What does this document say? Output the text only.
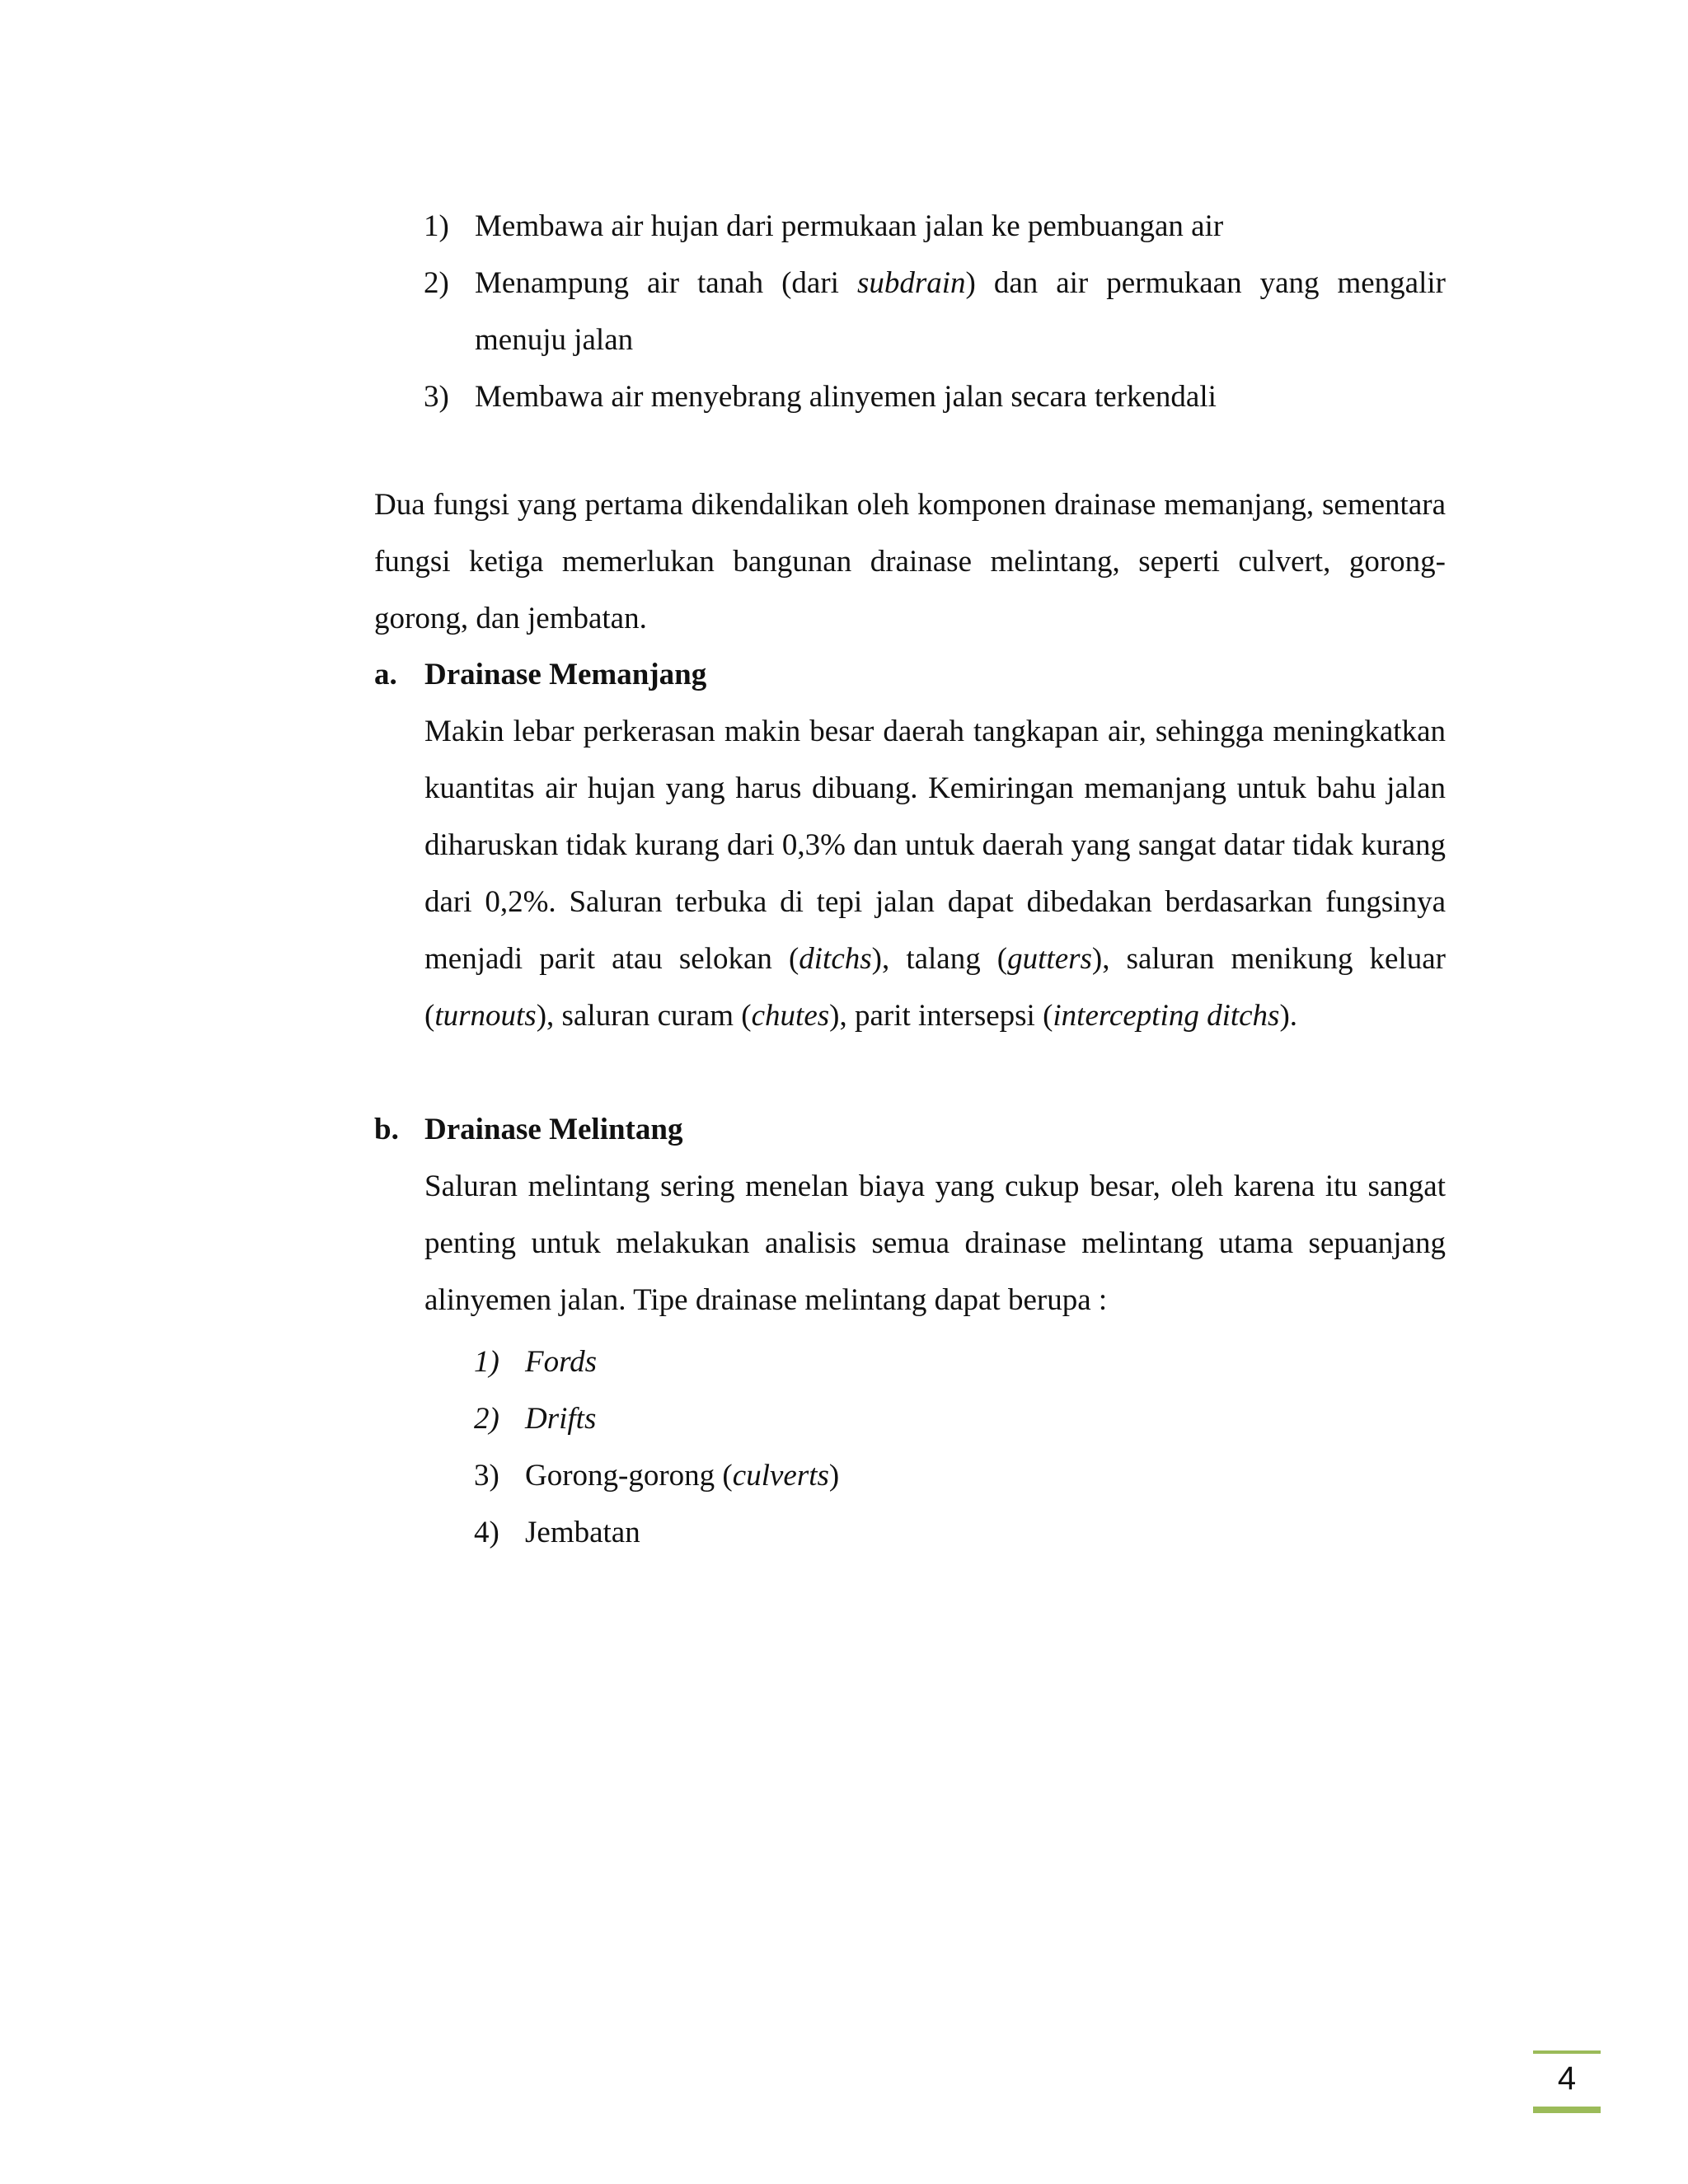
1) Membawa air hujan dari permukaan jalan ke pembuangan air
2) Menampung air tanah (dari subdrain) dan air permukaan yang mengalir menuju jalan
3) Membawa air menyebrang alinyemen jalan secara terkendali
Dua fungsi yang pertama dikendalikan oleh komponen drainase memanjang, sementara fungsi ketiga memerlukan bangunan drainase melintang, seperti culvert, gorong-gorong, dan jembatan.
a. Drainase Memanjang
Makin lebar perkerasan makin besar daerah tangkapan air, sehingga meningkatkan kuantitas air hujan yang harus dibuang. Kemiringan memanjang untuk bahu jalan diharuskan tidak kurang dari 0,3% dan untuk daerah yang sangat datar tidak kurang dari 0,2%. Saluran terbuka di tepi jalan dapat dibedakan berdasarkan fungsinya menjadi parit atau selokan (ditchs), talang (gutters), saluran menikung keluar (turnouts), saluran curam (chutes), parit intersepsi (intercepting ditchs).
b. Drainase Melintang
Saluran melintang sering menelan biaya yang cukup besar, oleh karena itu sangat penting untuk melakukan analisis semua drainase melintang utama sepuanjang alinyemen jalan. Tipe drainase melintang dapat berupa :
1) Fords
2) Drifts
3) Gorong-gorong (culverts)
4) Jembatan
4
